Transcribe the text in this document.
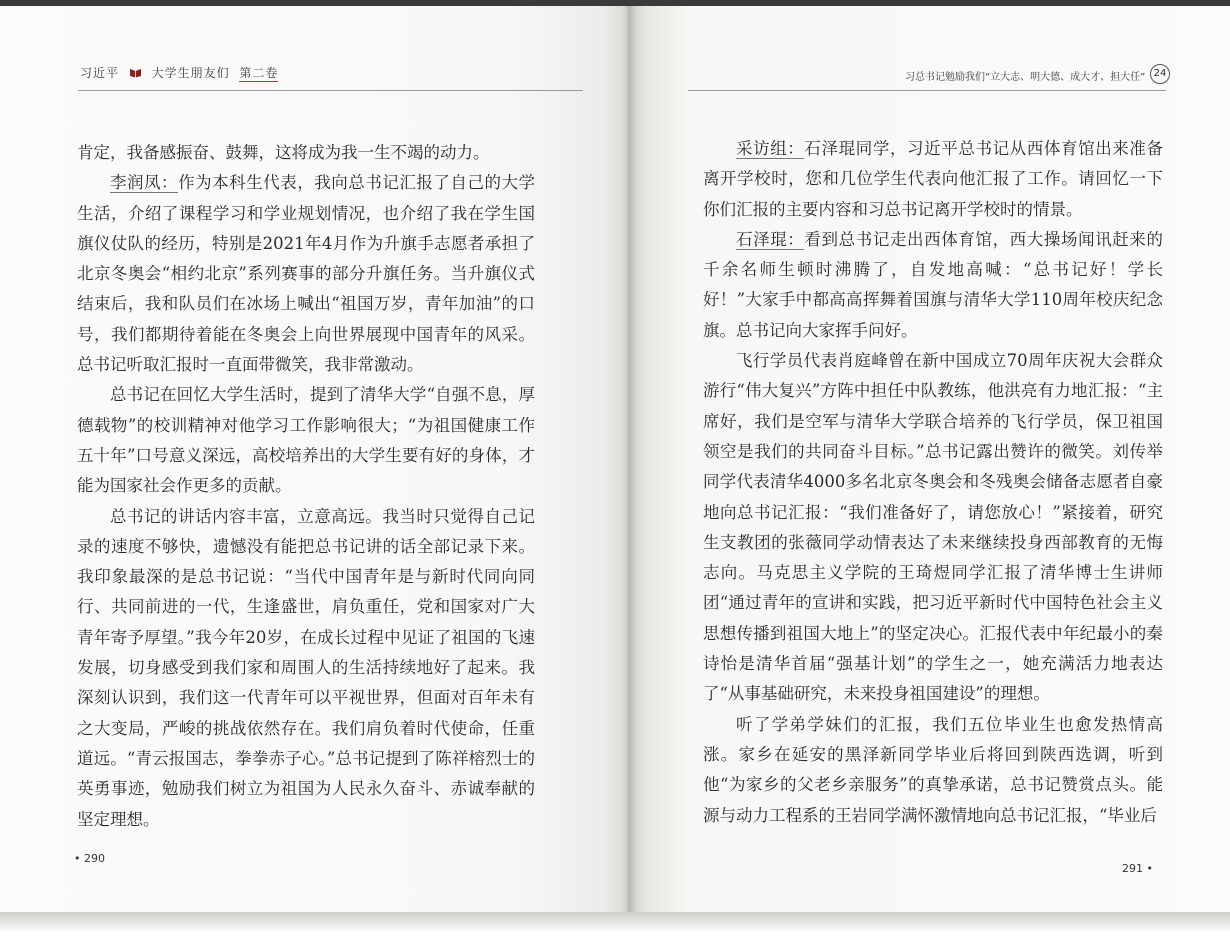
习近平	大学生朋友们 第二卷	习总书记勉励我们“立大志、明大德、成大才、担大任” 24

肯定，我备感振奋、鼓舞，这将成为我一生不竭的动力。

李润凤：作为本科生代表，我向总书记汇报了自己的大学生活，介绍了课程学习和学业规划情况，也介绍了我在学生国旗仪仗队的经历，特别是2021年4月作为升旗手志愿者承担了北京冬奥会“相约北京”系列赛事的部分升旗任务。当升旗仪式结束后，我和队员们在冰场上喊出“祖国万岁，青年加油”的口号，我们都期待着能在冬奥会上向世界展现中国青年的风采。总书记听取汇报时一直面带微笑，我非常激动。

总书记在回忆大学生活时，提到了清华大学“自强不息，厚德载物”的校训精神对他学习工作影响很大；“为祖国健康工作五十年”口号意义深远，高校培养出的大学生要有好的身体，才能为国家社会作更多的贡献。

总书记的讲话内容丰富，立意高远。我当时只觉得自己记录的速度不够快，遗憾没有能把总书记讲的话全部记录下来。我印象最深的是总书记说：“当代中国青年是与新时代同向同行、共同前进的一代，生逢盛世，肩负重任，党和国家对广大青年寄予厚望。”我今年20岁，在成长过程中见证了祖国的飞速发展，切身感受到我们家和周围人的生活持续地好了起来。我深刻认识到，我们这一代青年可以平视世界，但面对百年未有之大变局，严峻的挑战依然存在。我们肩负着时代使命，任重道远。“青云报国志，拳拳赤子心。”总书记提到了陈祥榕烈士的英勇事迹，勉励我们树立为祖国为人民永久奋斗、赤诚奉献的坚定理想。

采访组：石泽琨同学，习近平总书记从西体育馆出来准备离开学校时，您和几位学生代表向他汇报了工作。请回忆一下你们汇报的主要内容和习总书记离开学校时的情景。

石泽琨：看到总书记走出西体育馆，西大操场闻讯赶来的千余名师生顿时沸腾了，自发地高喊：“总书记好！学长好！”大家手中都高高挥舞着国旗与清华大学110周年校庆纪念旗。总书记向大家挥手问好。

飞行学员代表肖庭峰曾在新中国成立70周年庆祝大会群众游行“伟大复兴”方阵中担任中队教练，他洪亮有力地汇报：“主席好，我们是空军与清华大学联合培养的飞行学员，保卫祖国领空是我们的共同奋斗目标。”总书记露出赞许的微笑。刘传举同学代表清华4000多名北京冬奥会和冬残奥会储备志愿者自豪地向总书记汇报：“我们准备好了，请您放心！”紧接着，研究生支教团的张薇同学动情表达了未来继续投身西部教育的无悔志向。马克思主义学院的王琦煜同学汇报了清华博士生讲师团“通过青年的宣讲和实践，把习近平新时代中国特色社会主义思想传播到祖国大地上”的坚定决心。汇报代表中年纪最小的秦诗怡是清华首届“强基计划”的学生之一，她充满活力地表达了“从事基础研究，未来投身祖国建设”的理想。

听了学弟学妹们的汇报，我们五位毕业生也愈发热情高涨。家乡在延安的黑泽新同学毕业后将回到陕西选调，听到他“为家乡的父老乡亲服务”的真挚承诺，总书记赞赏点头。能源与动力工程系的王岩同学满怀激情地向总书记汇报，“毕业后

• 290
291 •
